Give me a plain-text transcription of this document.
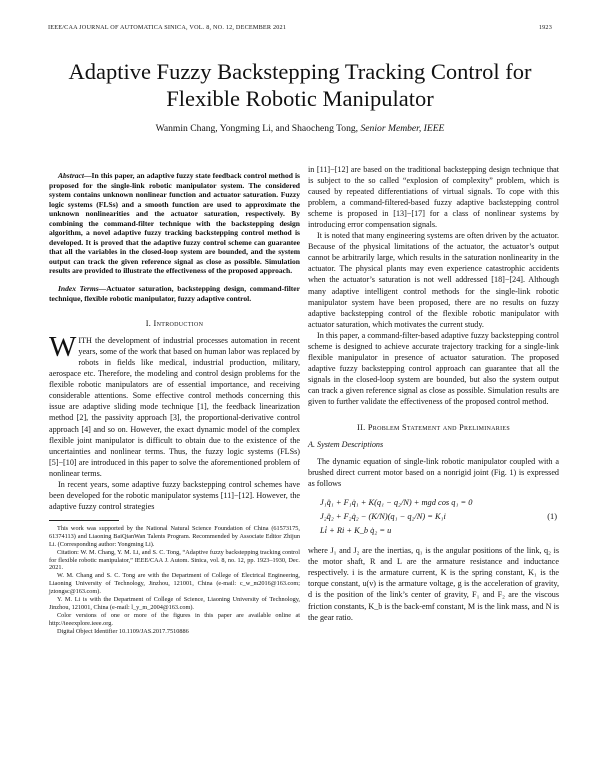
IEEE/CAA JOURNAL OF AUTOMATICA SINICA, VOL. 8, NO. 12, DECEMBER 2021	1923
Adaptive Fuzzy Backstepping Tracking Control for Flexible Robotic Manipulator
Wanmin Chang, Yongming Li, and Shaocheng Tong, Senior Member, IEEE

Abstract—In this paper, an adaptive fuzzy state feedback control method is proposed for the single-link robotic manipulator system. The considered system contains unknown nonlinear function and actuator saturation. Fuzzy logic systems (FLSs) and a smooth function are used to approximate the unknown nonlinearities and the actuator saturation, respectively. By combining the command-filter technique with the backstepping design algorithm, a novel adaptive fuzzy tracking backstepping control method is developed. It is proved that the adaptive fuzzy control scheme can guarantee that all the variables in the closed-loop system are bounded, and the system output can track the given reference signal as close as possible. Simulation results are provided to illustrate the effectiveness of the proposed approach.

Index Terms—Actuator saturation, backstepping design, command-filter technique, flexible robotic manipulator, fuzzy adaptive control.

I. Introduction

WITH the development of industrial processes automation in recent years, some of the work that based on human labor was replaced by robots in fields like medical, industrial production, military, aerospace etc. Therefore, the modeling and control design problems for the flexible robotic manipulators are of essential importance, and receiving considerable attentions. Some effective control methods concerning this issue are adaptive sliding mode technique [1], the feedback linearization method [2], the passivity approach [3], the proportional-derivative control approach [4] and so on. However, the exact dynamic model of the complex flexible joint manipulator is difficult to obtain due to the existence of the uncertainties and nonlinear terms. Thus, the fuzzy logic systems (FLSs) [5]−[10] are introduced in this paper to solve the aforementioned problem of nonlinear terms.

In recent years, some adaptive fuzzy backstepping control schemes have been developed for the robotic manipulator systems [11]−[12]. However, the adaptive fuzzy control strategies

This work was supported by the National Natural Science Foundation of China (61573175, 61374113) and Liaoning BaiQianWan Talents Program. Recommended by Associate Editor Zhijun Li. (Corresponding author: Yongming Li).

Citation: W. M. Chang, Y. M. Li, and S. C. Tong, “Adaptive fuzzy backstepping tracking control for flexible robotic manipulator,” IEEE/CAA J. Autom. Sinica, vol. 8, no. 12, pp. 1923–1930, Dec. 2021.

W. M. Chang and S. C. Tong are with the Department of College of Electrical Engineering, Liaoning University of Technology, Jinzhou, 121001, China (e-mail: c_w_m2016@163.com; jztongsc@163.com).

Y. M. Li is with the Department of College of Science, Liaoning University of Technology, Jinzhou, 121001, China (e-mail: l_y_m_2004@163.com).

Color versions of one or more of the figures in this paper are available online at http://ieeexplore.ieee.org.

Digital Object Identifier 10.1109/JAS.2017.7510886

in [11]−[12] are based on the traditional backstepping design technique that is subject to the so called “explosion of complexity” problem, which is caused by repeated differentiations of virtual signals. To cope with this problem, a command-filtered-based fuzzy adaptive backstepping control scheme is proposed in [13]−[17] for a class of nonlinear systems by introducing error compensation signals.

It is noted that many engineering systems are often driven by the actuator. Because of the physical limitations of the actuator, the actuator’s output cannot be arbitrarily large, which results in the saturation nonlinearity in the actuator. The physical plants may even experience catastrophic accidents when the actuator’s saturation is not well addressed [18]−[24]. Although many adaptive intelligent control methods for the single-link robotic manipulator system have been proposed, there are no results on fuzzy adaptive backstepping control of the flexible robotic manipulator with actuator saturation, which motivates the current study.

In this paper, a command-filter-based adaptive fuzzy backstepping control scheme is designed to achieve accurate trajectory tracking for a single-link flexible manipulator in presence of actuator saturation. The proposed adaptive fuzzy backstepping control approach can guarantee that all the signals in the closed-loop system are bounded, but also the system output can track a given reference signal as close as possible. Simulation results are given to further validate the effectiveness of the proposed control method.

II. Problem Statement and Preliminaries

A. System Descriptions

The dynamic equation of single-link robotic manipulator coupled with a brushed direct current motor based on a nonrigid joint (Fig. 1) is expressed as follows

J₁q̈₁ + F₁q̇₁ + K(q₁ − q₂/N) + mgd cos q₁ = 0
J₂q̈₂ + F₂q̇₂ − (K/N)(q₁ − q₂/N) = K₁i
Li̇ + Ri + K_b q̇₂ = u
(1)

where J₁ and J₂ are the inertias, q₁ is the angular positions of the link, q₂ is the motor shaft, R and L are the armature resistance and inductance respectively. i is the armature current, K is the spring constant, K₁ is the torque constant, u(v) is the armature voltage, g is the acceleration of gravity, d is the position of the link’s center of gravity, F₁ and F₂ are the viscous friction constants, K_b is the back-emf constant, M is the link mass, and N is the gear ratio.
